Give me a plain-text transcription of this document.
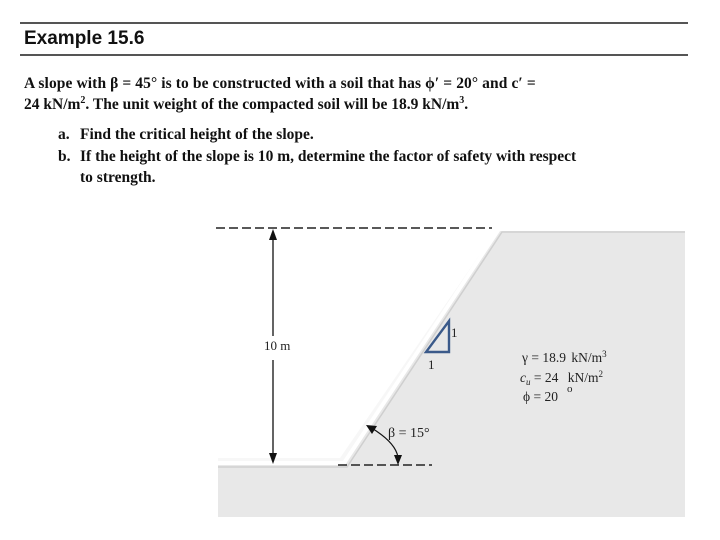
Example 15.6
A slope with β = 45° is to be constructed with a soil that has ϕ′ = 20° and c′ =
24 $kN/m^2$. The unit weight of the compacted soil will be 18.9 $kN/m^3$.
a. Find the critical height of the slope.
b. If the height of the slope is 10 m, determine the factor of safety with respect
to strength.
10 m
1
1
β = 15°
γ = 18.9 $kN/m^3$
$c_u = 24$ $kN/m^2$
ϕ = 20 o
